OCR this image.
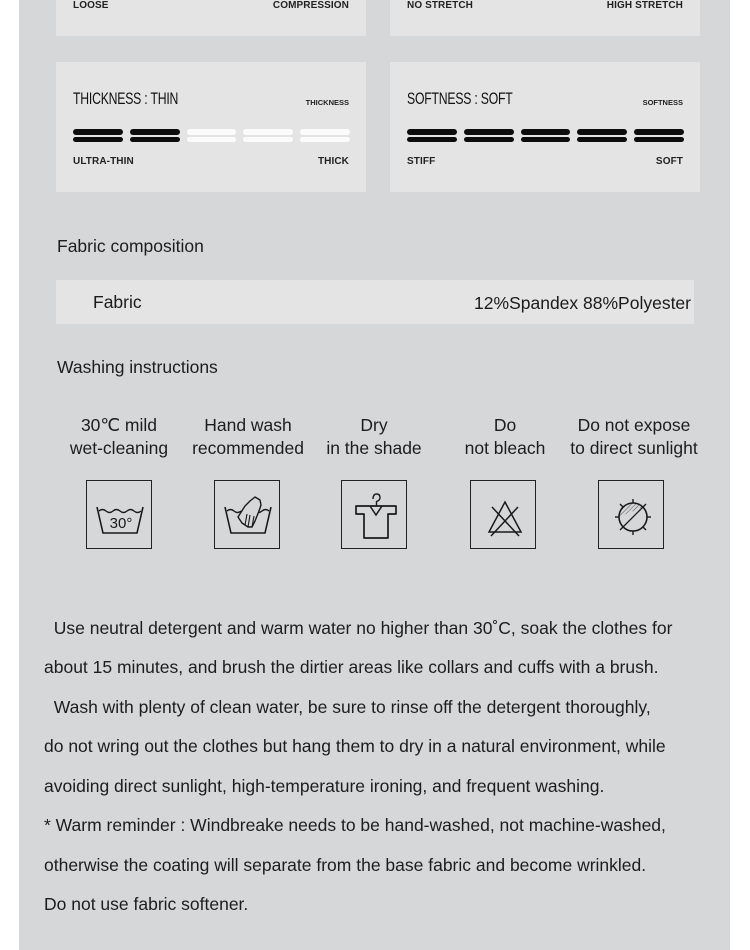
LOOSE	COMPRESSION	NO STRETCH	HIGH STRETCH
THICKNESS : THIN	THICKNESS
ULTRA-THIN	THICK
SOFTNESS : SOFT	SOFTNESS
STIFF	SOFT
Fabric composition
Fabric	12%Spandex 88%Polyester
Washing instructions
30℃ mild
wet-cleaning
Hand wash
recommended
Dry
in the shade
Do
not bleach
Do not expose
to direct sunlight
30°
Use neutral detergent and warm water no higher than 30˚C, soak the clothes for
about 15 minutes, and brush the dirtier areas like collars and cuffs with a brush.
Wash with plenty of clean water, be sure to rinse off the detergent thoroughly,
do not wring out the clothes but hang them to dry in a natural environment, while
avoiding direct sunlight, high-temperature ironing, and frequent washing.
* Warm reminder : Windbreake needs to be hand-washed, not machine-washed,
otherwise the coating will separate from the base fabric and become wrinkled.
Do not use fabric softener.
